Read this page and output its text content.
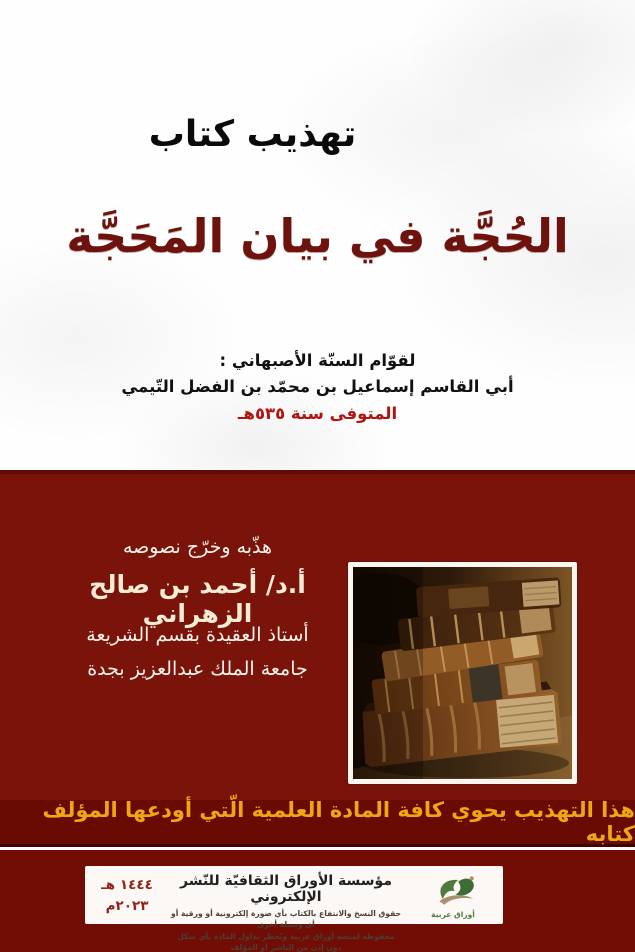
تهذيب كتاب
الحُجَّة في بيان المَحَجَّة
لقوّام السنّة الأصبهاني :
أبي القاسم إسماعيل بن محمّد بن الفضل التّيمي
المتوفى سنة ٥٣٥هـ
هذّبه وخرّج نصوصه
أ.د/ أحمد بن صالح الزهراني
أستاذ العقيدة بقسم الشريعة
جامعة الملك عبدالعزيز بجدة
هذا التهذيب يحوي كافة المادة العلمية الّتي أودعها المؤلف كتابه
أوراق عربية
مؤسسة الأوراق الثقافيّة للنّشر الإلكتروني
حقوق النسخ والانتفاع بالكتاب بأي صورة إلكترونية أو ورقية أو أي وسيلة أخرى
محفوظة لمنصة أوراق عربية ويُحظر تداول المادة بأي شكل دون إذن من الناشر أو المؤلف
١٤٤٤ هـ
٢٠٢٣م
